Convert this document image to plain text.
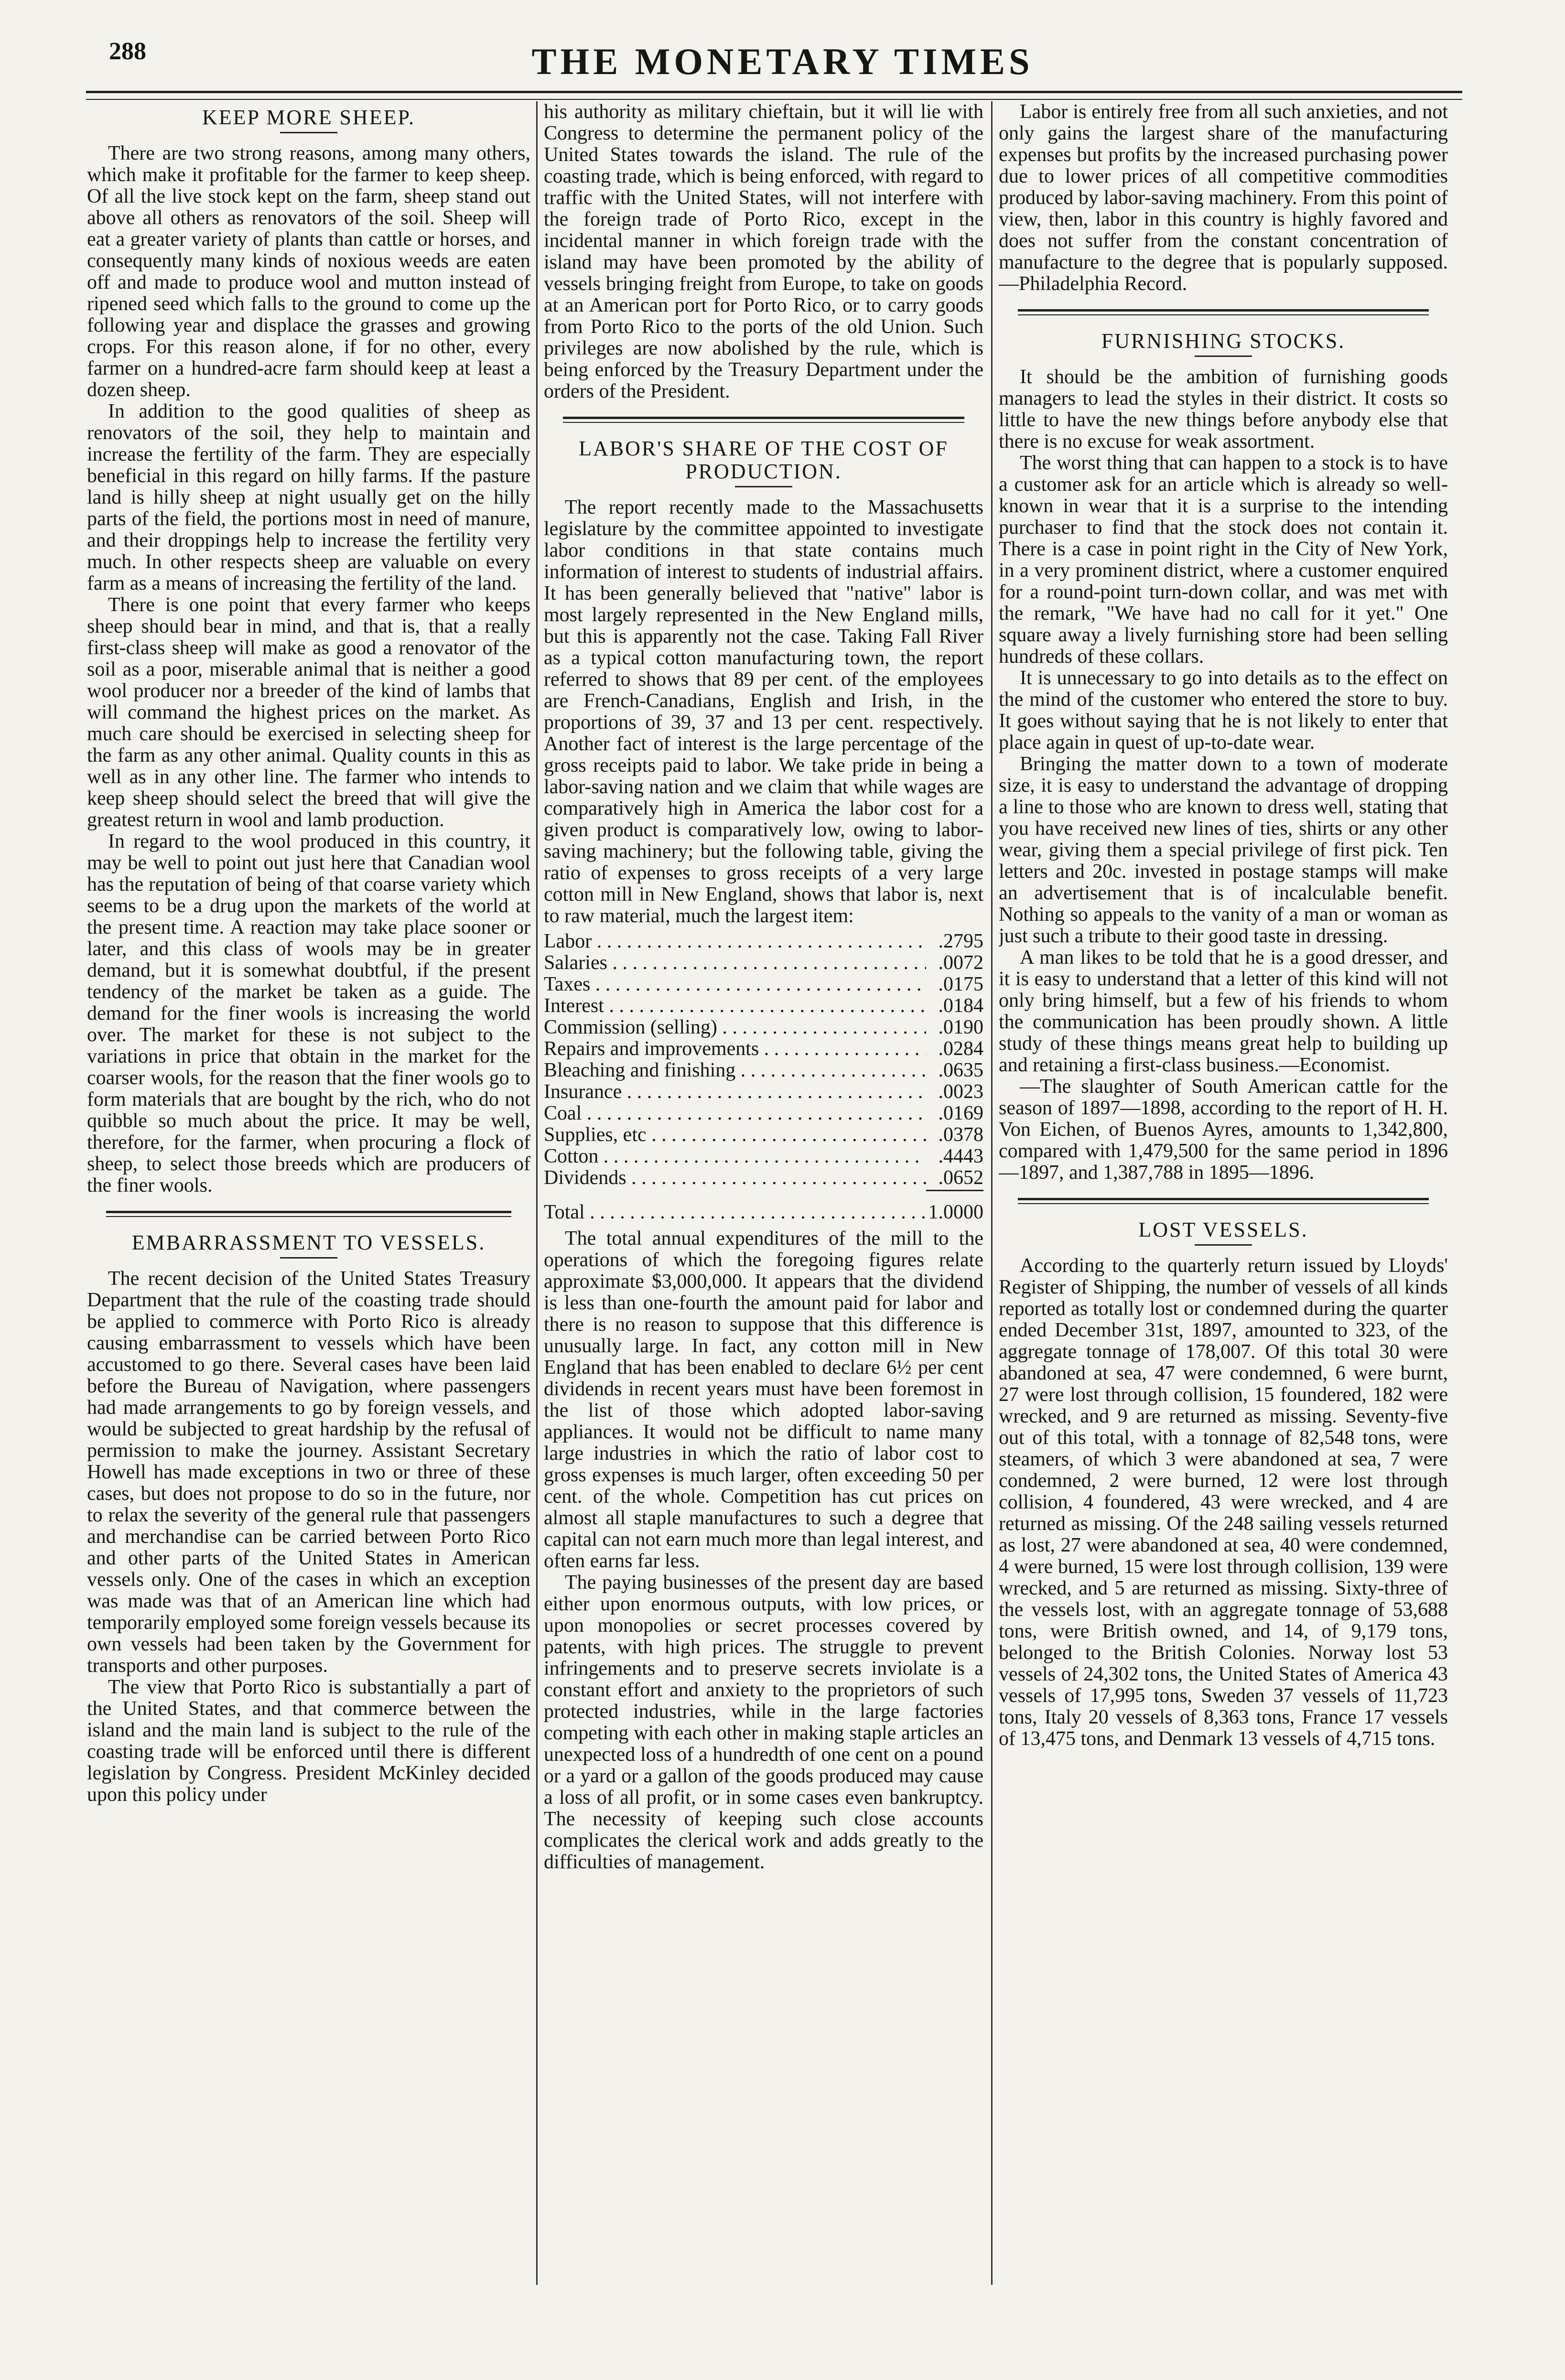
288	THE MONETARY TIMES
KEEP MORE SHEEP.

There are two strong reasons, among many others, which make it profitable for the farmer to keep sheep. Of all the live stock kept on the farm, sheep stand out above all others as renovators of the soil. Sheep will eat a greater variety of plants than cattle or horses, and consequently many kinds of noxious weeds are eaten off and made to produce wool and mutton instead of ripened seed which falls to the ground to come up the following year and displace the grasses and growing crops. For this reason alone, if for no other, every farmer on a hundred-acre farm should keep at least a dozen sheep.

In addition to the good qualities of sheep as renovators of the soil, they help to maintain and increase the fertility of the farm. They are especially beneficial in this regard on hilly farms. If the pasture land is hilly sheep at night usually get on the hilly parts of the field, the portions most in need of manure, and their droppings help to increase the fertility very much. In other respects sheep are valuable on every farm as a means of increasing the fertility of the land.

There is one point that every farmer who keeps sheep should bear in mind, and that is, that a really first-class sheep will make as good a renovator of the soil as a poor, miserable animal that is neither a good wool producer nor a breeder of the kind of lambs that will command the highest prices on the market. As much care should be exercised in selecting sheep for the farm as any other animal. Quality counts in this as well as in any other line. The farmer who intends to keep sheep should select the breed that will give the greatest return in wool and lamb production.

In regard to the wool produced in this country, it may be well to point out just here that Canadian wool has the reputation of being of that coarse variety which seems to be a drug upon the markets of the world at the present time. A reaction may take place sooner or later, and this class of wools may be in greater demand, but it is somewhat doubtful, if the present tendency of the market be taken as a guide. The demand for the finer wools is increasing the world over. The market for these is not subject to the variations in price that obtain in the market for the coarser wools, for the reason that the finer wools go to form materials that are bought by the rich, who do not quibble so much about the price. It may be well, therefore, for the farmer, when procuring a flock of sheep, to select those breeds which are producers of the finer wools.

EMBARRASSMENT TO VESSELS.

The recent decision of the United States Treasury Department that the rule of the coasting trade should be applied to commerce with Porto Rico is already causing embarrassment to vessels which have been accustomed to go there. Several cases have been laid before the Bureau of Navigation, where passengers had made arrangements to go by foreign vessels, and would be subjected to great hardship by the refusal of permission to make the journey. Assistant Secretary Howell has made exceptions in two or three of these cases, but does not propose to do so in the future, nor to relax the severity of the general rule that passengers and merchandise can be carried between Porto Rico and other parts of the United States in American vessels only. One of the cases in which an exception was made was that of an American line which had temporarily employed some foreign vessels because its own vessels had been taken by the Government for transports and other purposes.

The view that Porto Rico is substantially a part of the United States, and that commerce between the island and the main land is subject to the rule of the coasting trade will be enforced until there is different legislation by Congress. President McKinley decided upon this policy under

his authority as military chieftain, but it will lie with Congress to determine the permanent policy of the United States towards the island. The rule of the coasting trade, which is being enforced, with regard to traffic with the United States, will not interfere with the foreign trade of Porto Rico, except in the incidental manner in which foreign trade with the island may have been promoted by the ability of vessels bringing freight from Europe, to take on goods at an American port for Porto Rico, or to carry goods from Porto Rico to the ports of the old Union. Such privileges are now abolished by the rule, which is being enforced by the Treasury Department under the orders of the President.

LABOR'S SHARE OF THE COST OF PRODUCTION.

The report recently made to the Massachusetts legislature by the committee appointed to investigate labor conditions in that state contains much information of interest to students of industrial affairs. It has been generally believed that "native" labor is most largely represented in the New England mills, but this is apparently not the case. Taking Fall River as a typical cotton manufacturing town, the report referred to shows that 89 per cent. of the employees are French-Canadians, English and Irish, in the proportions of 39, 37 and 13 per cent. respectively. Another fact of interest is the large percentage of the gross receipts paid to labor. We take pride in being a labor-saving nation and we claim that while wages are comparatively high in America the labor cost for a given product is comparatively low, owing to labor-saving machinery; but the following table, giving the ratio of expenses to gross receipts of a very large cotton mill in New England, shows that labor is, next to raw material, much the largest item:

Labor . . .	.2795
Salaries . . .	.0072
Taxes . . .	.0175
Interest . . .	.0184
Commission (selling) . . .	.0190
Repairs and improvements . . .	.0284
Bleaching and finishing . . .	.0635
Insurance . . .	.0023
Coal . . .	.0169
Supplies, etc . . .	.0378
Cotton . . .	.4443
Dividends . . .	.0652
Total . . .	1.0000

The total annual expenditures of the mill to the operations of which the foregoing figures relate approximate $3,000,000. It appears that the dividend is less than one-fourth the amount paid for labor and there is no reason to suppose that this difference is unusually large. In fact, any cotton mill in New England that has been enabled to declare 6½ per cent dividends in recent years must have been foremost in the list of those which adopted labor-saving appliances. It would not be difficult to name many large industries in which the ratio of labor cost to gross expenses is much larger, often exceeding 50 per cent. of the whole. Competition has cut prices on almost all staple manufactures to such a degree that capital can not earn much more than legal interest, and often earns far less.

The paying businesses of the present day are based either upon enormous outputs, with low prices, or upon monopolies or secret processes covered by patents, with high prices. The struggle to prevent infringements and to preserve secrets inviolate is a constant effort and anxiety to the proprietors of such protected industries, while in the large factories competing with each other in making staple articles an unexpected loss of a hundredth of one cent on a pound or a yard or a gallon of the goods produced may cause a loss of all profit, or in some cases even bankruptcy. The necessity of keeping such close accounts complicates the clerical work and adds greatly to the difficulties of management.

Labor is entirely free from all such anxieties, and not only gains the largest share of the manufacturing expenses but profits by the increased purchasing power due to lower prices of all competitive commodities produced by labor-saving machinery. From this point of view, then, labor in this country is highly favored and does not suffer from the constant concentration of manufacture to the degree that is popularly supposed.—Philadelphia Record.

FURNISHING STOCKS.

It should be the ambition of furnishing goods managers to lead the styles in their district. It costs so little to have the new things before anybody else that there is no excuse for weak assortment.

The worst thing that can happen to a stock is to have a customer ask for an article which is already so well-known in wear that it is a surprise to the intending purchaser to find that the stock does not contain it. There is a case in point right in the City of New York, in a very prominent district, where a customer enquired for a round-point turn-down collar, and was met with the remark, "We have had no call for it yet." One square away a lively furnishing store had been selling hundreds of these collars.

It is unnecessary to go into details as to the effect on the mind of the customer who entered the store to buy. It goes without saying that he is not likely to enter that place again in quest of up-to-date wear.

Bringing the matter down to a town of moderate size, it is easy to understand the advantage of dropping a line to those who are known to dress well, stating that you have received new lines of ties, shirts or any other wear, giving them a special privilege of first pick. Ten letters and 20c. invested in postage stamps will make an advertisement that is of incalculable benefit. Nothing so appeals to the vanity of a man or woman as just such a tribute to their good taste in dressing.

A man likes to be told that he is a good dresser, and it is easy to understand that a letter of this kind will not only bring himself, but a few of his friends to whom the communication has been proudly shown. A little study of these things means great help to building up and retaining a first-class business.—Economist.

—The slaughter of South American cattle for the season of 1897—1898, according to the report of H. H. Von Eichen, of Buenos Ayres, amounts to 1,342,800, compared with 1,479,500 for the same period in 1896—1897, and 1,387,788 in 1895—1896.

LOST VESSELS.

According to the quarterly return issued by Lloyds' Register of Shipping, the number of vessels of all kinds reported as totally lost or condemned during the quarter ended December 31st, 1897, amounted to 323, of the aggregate tonnage of 178,007. Of this total 30 were abandoned at sea, 47 were condemned, 6 were burnt, 27 were lost through collision, 15 foundered, 182 were wrecked, and 9 are returned as missing. Seventy-five out of this total, with a tonnage of 82,548 tons, were steamers, of which 3 were abandoned at sea, 7 were condemned, 2 were burned, 12 were lost through collision, 4 foundered, 43 were wrecked, and 4 are returned as missing. Of the 248 sailing vessels returned as lost, 27 were abandoned at sea, 40 were condemned, 4 were burned, 15 were lost through collision, 139 were wrecked, and 5 are returned as missing. Sixty-three of the vessels lost, with an aggregate tonnage of 53,688 tons, were British owned, and 14, of 9,179 tons, belonged to the British Colonies. Norway lost 53 vessels of 24,302 tons, the United States of America 43 vessels of 17,995 tons, Sweden 37 vessels of 11,723 tons, Italy 20 vessels of 8,363 tons, France 17 vessels of 13,475 tons, and Denmark 13 vessels of 4,715 tons.
